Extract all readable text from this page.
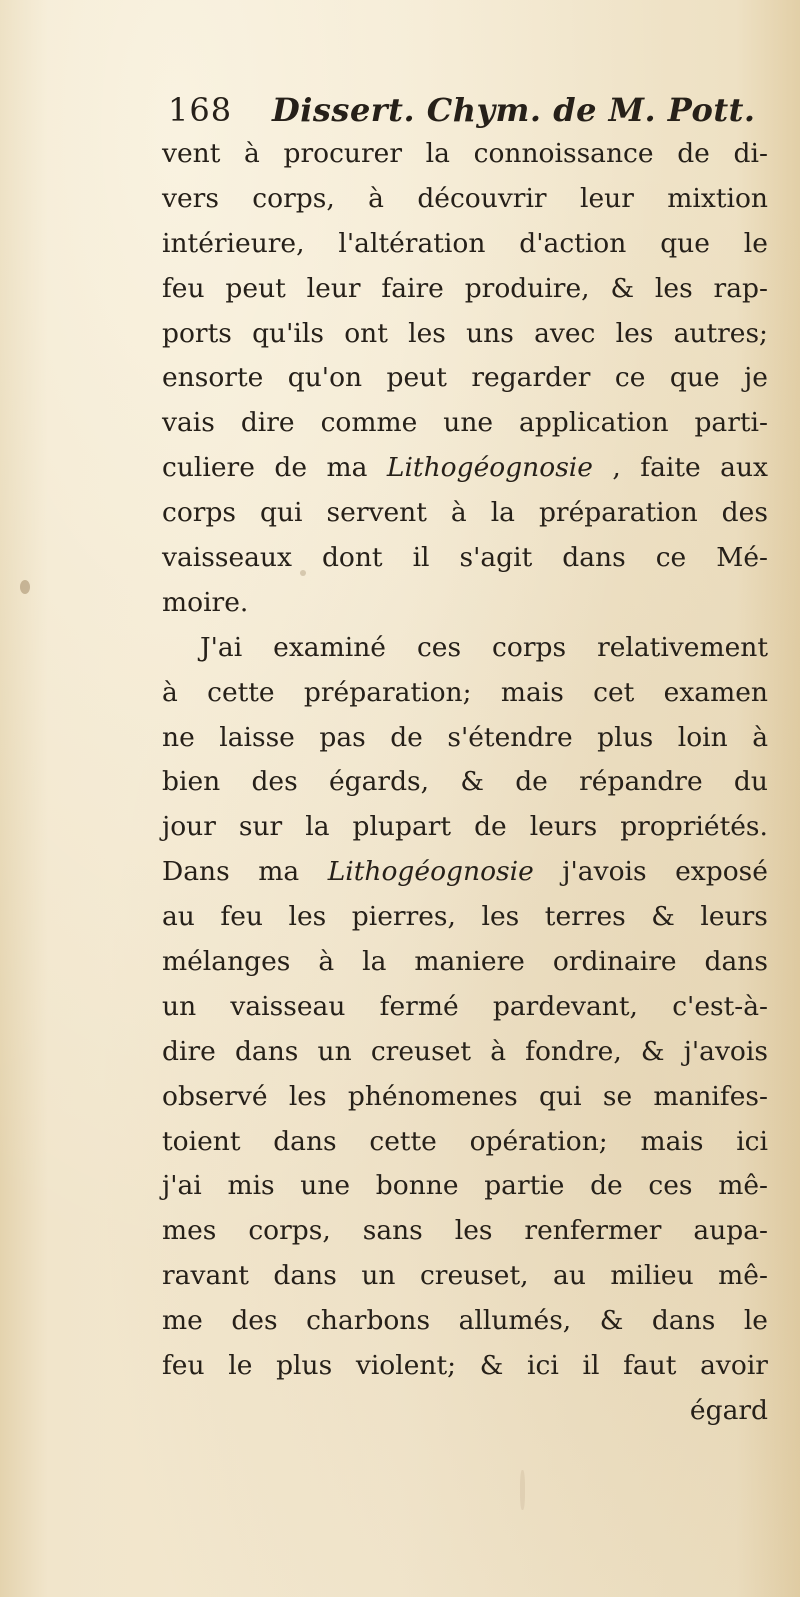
168 Dissert. Chym. de M. Pott.
vent à procurer la connoissance de di-
vers corps, à découvrir leur mixtion
intérieure, l'altération d'action que le
feu peut leur faire produire, & les rap-
ports qu'ils ont les uns avec les autres;
ensorte qu'on peut regarder ce que je
vais dire comme une application parti-
culiere de ma Lithogéognosie , faite aux
corps qui servent à la préparation des
vaisseaux dont il s'agit dans ce Mé-
moire.
J'ai examiné ces corps relativement
à cette préparation; mais cet examen
ne laisse pas de s'étendre plus loin à
bien des égards, & de répandre du
jour sur la plupart de leurs propriétés.
Dans ma Lithogéognosie j'avois exposé
au feu les pierres, les terres & leurs
mélanges à la maniere ordinaire dans
un vaisseau fermé pardevant, c'est-à-
dire dans un creuset à fondre, & j'avois
observé les phénomenes qui se manifes-
toient dans cette opération; mais ici
j'ai mis une bonne partie de ces mê-
mes corps, sans les renfermer aupa-
ravant dans un creuset, au milieu mê-
me des charbons allumés, & dans le
feu le plus violent; & ici il faut avoir
égard
